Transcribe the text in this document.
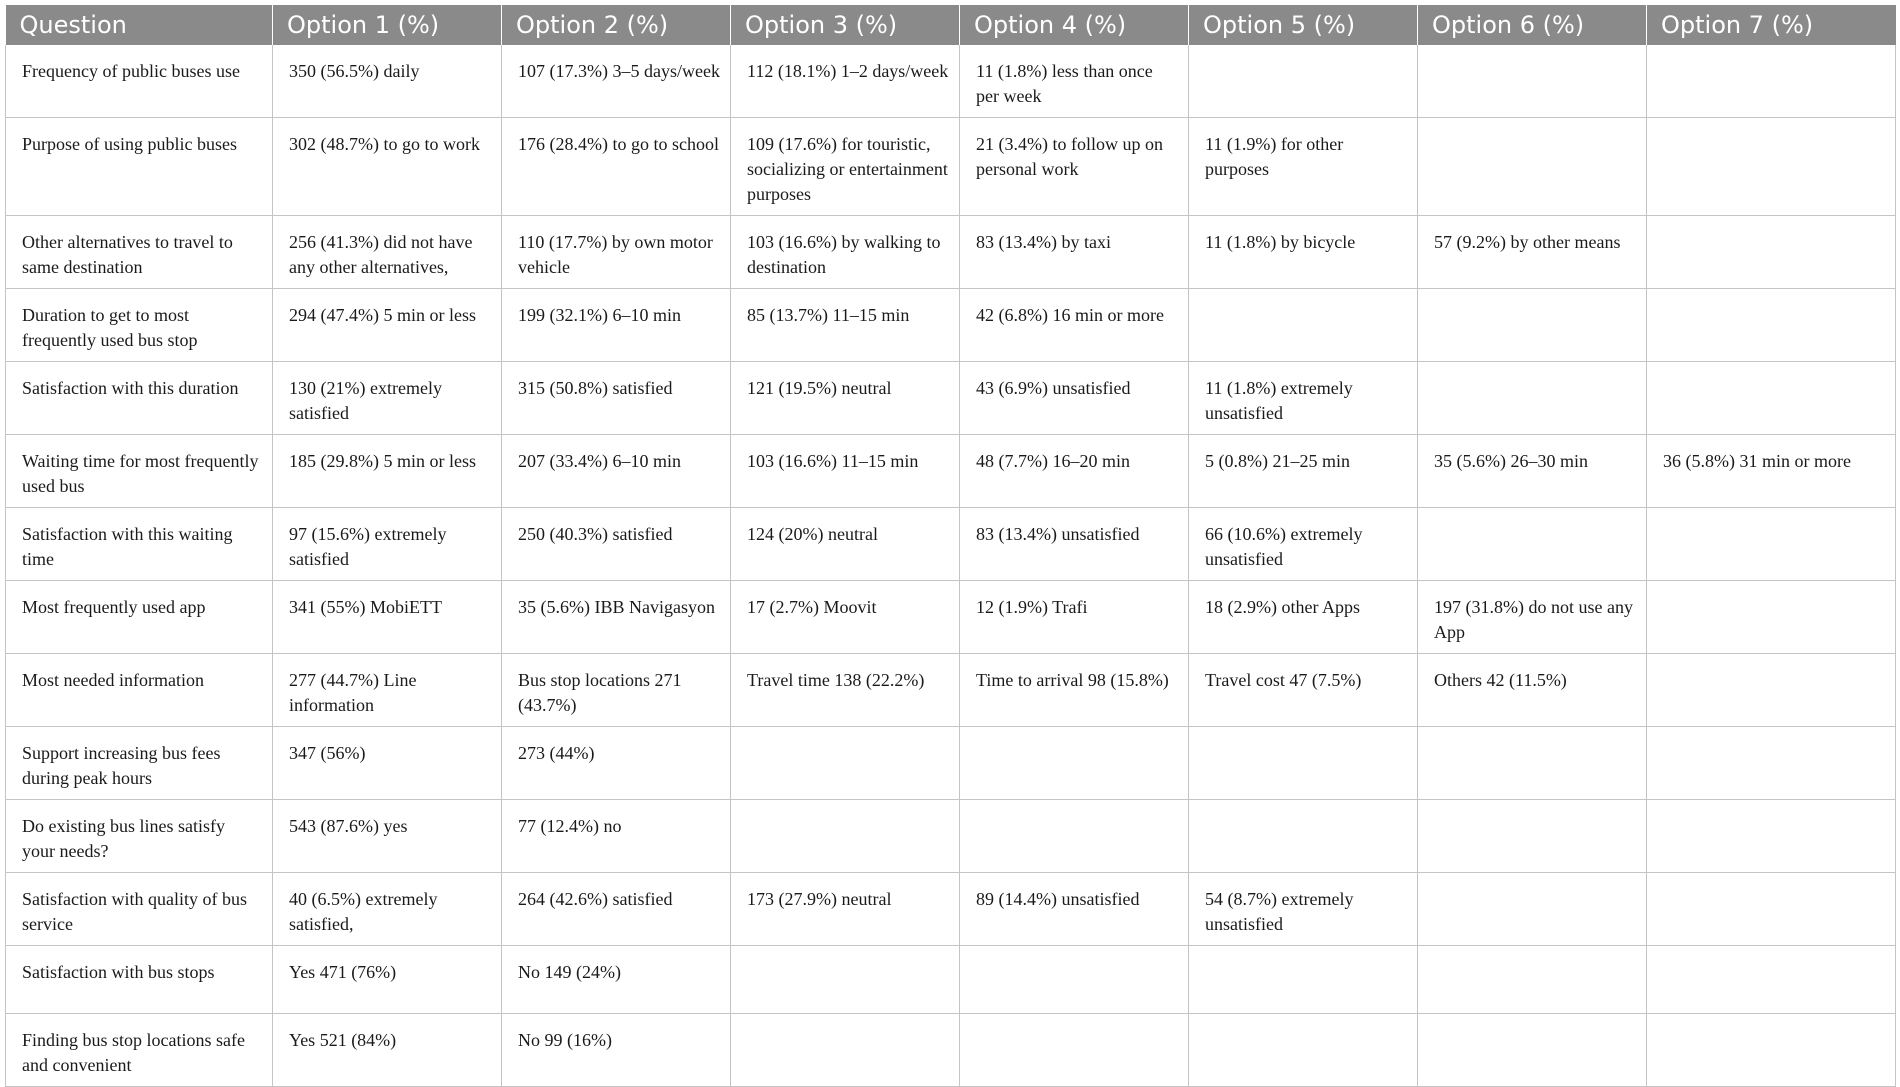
Question	Option 1 (%)	Option 2 (%)	Option 3 (%)	Option 4 (%)	Option 5 (%)	Option 6 (%)	Option 7 (%)
Frequency of public buses use	350 (56.5%) daily	107 (17.3%) 3–5 days/week	112 (18.1%) 1–2 days/week	11 (1.8%) less than once per week			
Purpose of using public buses	302 (48.7%) to go to work	176 (28.4%) to go to school	109 (17.6%) for touristic, socializing or entertainment purposes	21 (3.4%) to follow up on personal work	11 (1.9%) for other purposes		
Other alternatives to travel to same destination	256 (41.3%) did not have any other alternatives,	110 (17.7%) by own motor vehicle	103 (16.6%) by walking to destination	83 (13.4%) by taxi	11 (1.8%) by bicycle	57 (9.2%) by other means	
Duration to get to most frequently used bus stop	294 (47.4%) 5 min or less	199 (32.1%) 6–10 min	85 (13.7%) 11–15 min	42 (6.8%) 16 min or more			
Satisfaction with this duration	130 (21%) extremely satisfied	315 (50.8%) satisfied	121 (19.5%) neutral	43 (6.9%) unsatisfied	11 (1.8%) extremely unsatisfied		
Waiting time for most frequently used bus	185 (29.8%) 5 min or less	207 (33.4%) 6–10 min	103 (16.6%) 11–15 min	48 (7.7%) 16–20 min	5 (0.8%) 21–25 min	35 (5.6%) 26–30 min	36 (5.8%) 31 min or more
Satisfaction with this waiting time	97 (15.6%) extremely satisfied	250 (40.3%) satisfied	124 (20%) neutral	83 (13.4%) unsatisfied	66 (10.6%) extremely unsatisfied		
Most frequently used app	341 (55%) MobiETT	35 (5.6%) IBB Navigasyon	17 (2.7%) Moovit	12 (1.9%) Trafi	18 (2.9%) other Apps	197 (31.8%) do not use any App	
Most needed information	277 (44.7%) Line information	Bus stop locations 271 (43.7%)	Travel time 138 (22.2%)	Time to arrival 98 (15.8%)	Travel cost 47 (7.5%)	Others 42 (11.5%)	
Support increasing bus fees during peak hours	347 (56%)	273 (44%)					
Do existing bus lines satisfy your needs?	543 (87.6%) yes	77 (12.4%) no					
Satisfaction with quality of bus service	40 (6.5%) extremely satisfied,	264 (42.6%) satisfied	173 (27.9%) neutral	89 (14.4%) unsatisfied	54 (8.7%) extremely unsatisfied		
Satisfaction with bus stops	Yes 471 (76%)	No 149 (24%)					
Finding bus stop locations safe and convenient	Yes 521 (84%)	No 99 (16%)					
